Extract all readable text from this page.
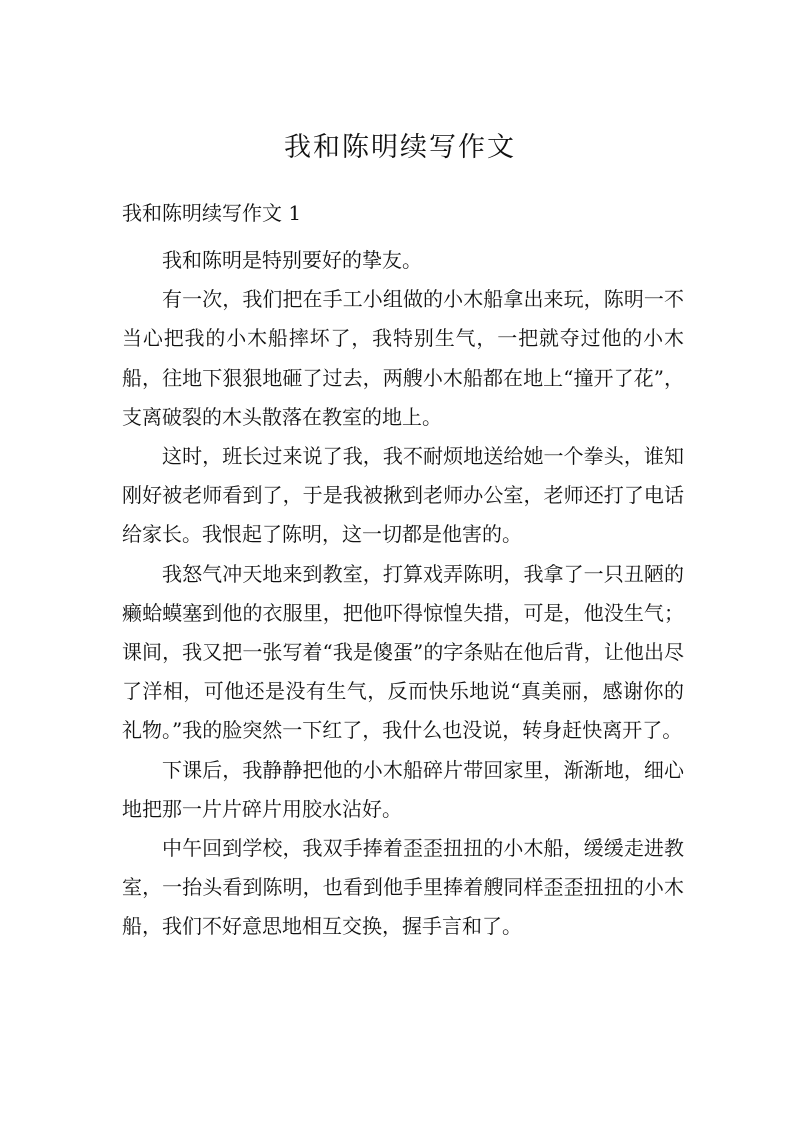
我和陈明续写作文
我和陈明续写作文 1

我和陈明是特别要好的挚友。

有一次，我们把在手工小组做的小木船拿出来玩，陈明一不当心把我的小木船摔坏了，我特别生气，一把就夺过他的小木船，往地下狠狠地砸了过去，两艘小木船都在地上“撞开了花”，支离破裂的木头散落在教室的地上。

这时，班长过来说了我，我不耐烦地送给她一个拳头，谁知刚好被老师看到了，于是我被揪到老师办公室，老师还打了电话给家长。我恨起了陈明，这一切都是他害的。

我怒气冲天地来到教室，打算戏弄陈明，我拿了一只丑陋的癞蛤蟆塞到他的衣服里，把他吓得惊惶失措，可是，他没生气；课间，我又把一张写着“我是傻蛋”的字条贴在他后背，让他出尽了洋相，可他还是没有生气，反而快乐地说“真美丽，感谢你的礼物。”我的脸突然一下红了，我什么也没说，转身赶快离开了。

下课后，我静静把他的小木船碎片带回家里，渐渐地，细心地把那一片片碎片用胶水沾好。

中午回到学校，我双手捧着歪歪扭扭的小木船，缓缓走进教室，一抬头看到陈明，也看到他手里捧着艘同样歪歪扭扭的小木船，我们不好意思地相互交换，握手言和了。
